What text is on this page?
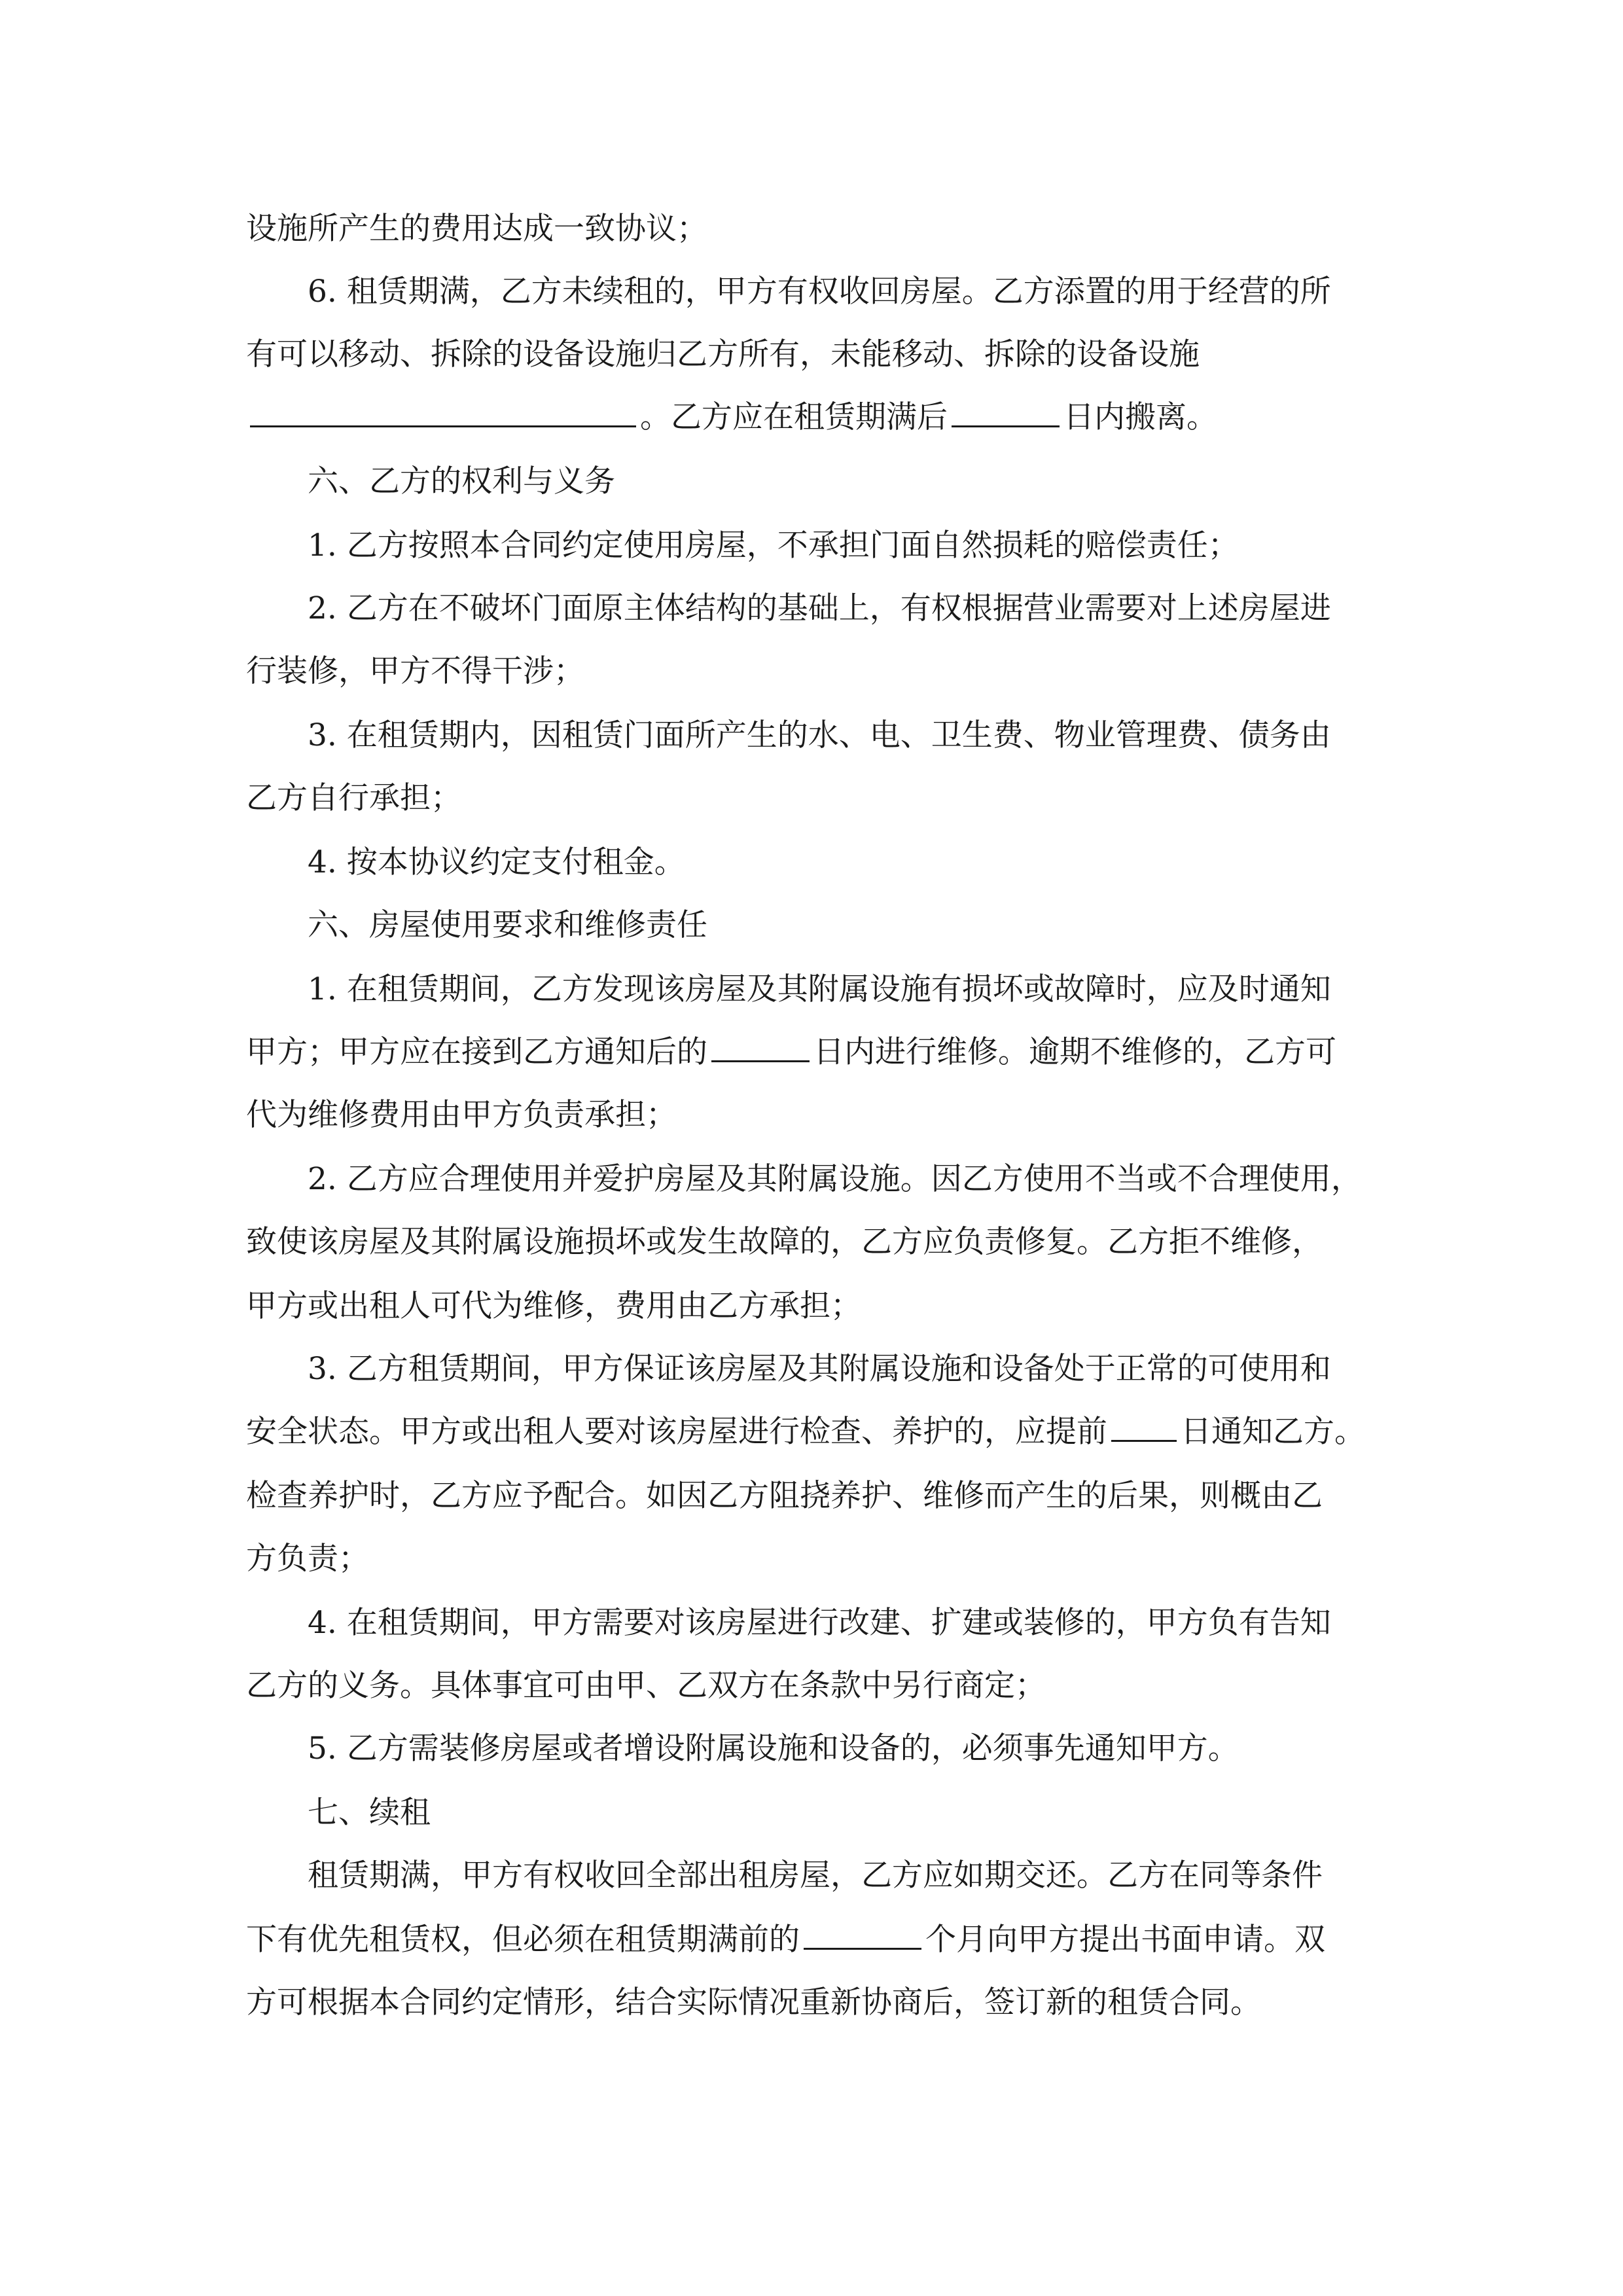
设施所产生的费用达成一致协议；
6. 租赁期满，乙方未续租的，甲方有权收回房屋。乙方添置的用于经营的所
有可以移动、拆除的设备设施归乙方所有，未能移动、拆除的设备设施
。乙方应在租赁期满后	日内搬离。
六、乙方的权利与义务
1. 乙方按照本合同约定使用房屋，不承担门面自然损耗的赔偿责任；
2. 乙方在不破坏门面原主体结构的基础上，有权根据营业需要对上述房屋进
行装修，甲方不得干涉；
3. 在租赁期内，因租赁门面所产生的水、电、卫生费、物业管理费、债务由
乙方自行承担；
4. 按本协议约定支付租金。
六、房屋使用要求和维修责任
1. 在租赁期间，乙方发现该房屋及其附属设施有损坏或故障时，应及时通知
甲方；甲方应在接到乙方通知后的	日内进行维修。逾期不维修的，乙方可
代为维修费用由甲方负责承担；
2. 乙方应合理使用并爱护房屋及其附属设施。因乙方使用不当或不合理使用，
致使该房屋及其附属设施损坏或发生故障的，乙方应负责修复。乙方拒不维修，
甲方或出租人可代为维修，费用由乙方承担；
3. 乙方租赁期间，甲方保证该房屋及其附属设施和设备处于正常的可使用和
安全状态。甲方或出租人要对该房屋进行检查、养护的，应提前 日通知乙方。
检查养护时，乙方应予配合。如因乙方阻挠养护、维修而产生的后果，则概由乙
方负责；
4. 在租赁期间，甲方需要对该房屋进行改建、扩建或装修的，甲方负有告知
乙方的义务。具体事宜可由甲、乙双方在条款中另行商定；
5. 乙方需装修房屋或者增设附属设施和设备的，必须事先通知甲方。
七、续租
租赁期满，甲方有权收回全部出租房屋，乙方应如期交还。乙方在同等条件
下有优先租赁权，但必须在租赁期满前的	个月向甲方提出书面申请。双
方可根据本合同约定情形，结合实际情况重新协商后，签订新的租赁合同。
